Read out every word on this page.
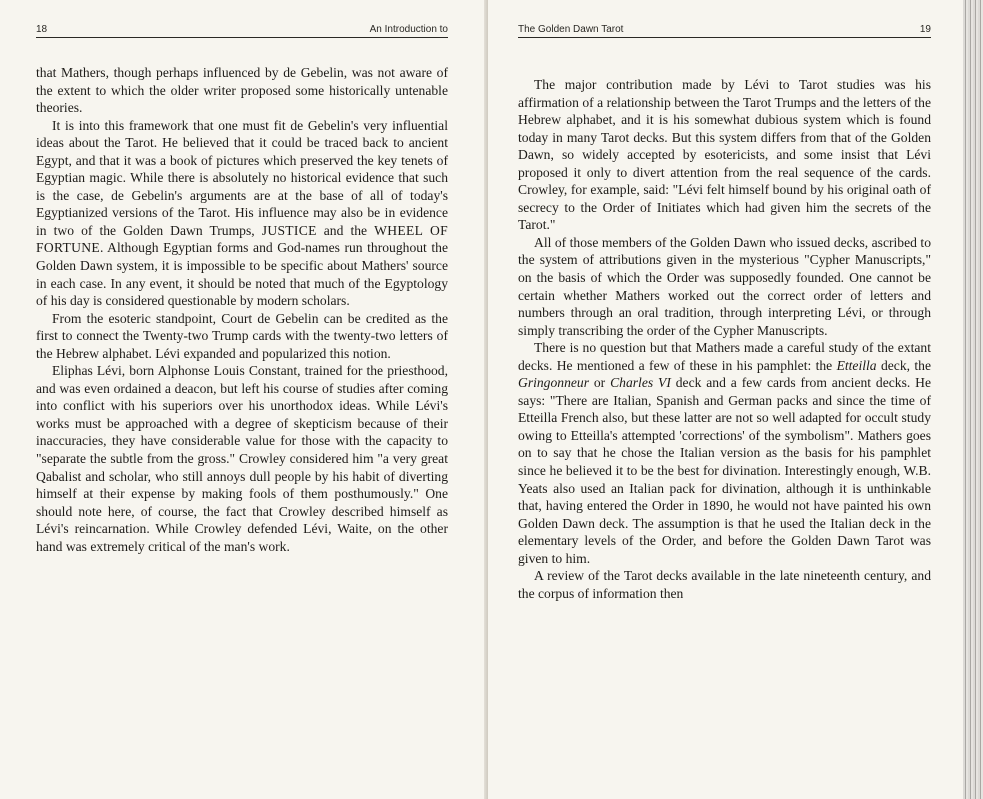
18	An Introduction to

that Mathers, though perhaps influenced by de Gebelin, was not aware of the extent to which the older writer proposed some historically untenable theories.

It is into this framework that one must fit de Gebelin's very influential ideas about the Tarot. He believed that it could be traced back to ancient Egypt, and that it was a book of pictures which preserved the key tenets of Egyptian magic. While there is absolutely no historical evidence that such is the case, de Gebelin's arguments are at the base of all of today's Egyptianized versions of the Tarot. His influence may also be in evidence in two of the Golden Dawn Trumps, JUSTICE and the WHEEL OF FORTUNE. Although Egyptian forms and God-names run throughout the Golden Dawn system, it is impossible to be specific about Mathers' source in each case. In any event, it should be noted that much of the Egyptology of his day is considered questionable by modern scholars.

From the esoteric standpoint, Court de Gebelin can be credited as the first to connect the Twenty-two Trump cards with the twenty-two letters of the Hebrew alphabet. Lévi expanded and popularized this notion.

Eliphas Lévi, born Alphonse Louis Constant, trained for the priesthood, and was even ordained a deacon, but left his course of studies after coming into conflict with his superiors over his unorthodox ideas. While Lévi's works must be approached with a degree of skepticism because of their inaccuracies, they have considerable value for those with the capacity to "separate the subtle from the gross." Crowley considered him "a very great Qabalist and scholar, who still annoys dull people by his habit of diverting himself at their expense by making fools of them posthumously." One should note here, of course, the fact that Crowley described himself as Lévi's reincarnation. While Crowley defended Lévi, Waite, on the other hand was extremely critical of the man's work.

The Golden Dawn Tarot	19

The major contribution made by Lévi to Tarot studies was his affirmation of a relationship between the Tarot Trumps and the letters of the Hebrew alphabet, and it is his somewhat dubious system which is found today in many Tarot decks. But this system differs from that of the Golden Dawn, so widely accepted by esotericists, and some insist that Lévi proposed it only to divert attention from the real sequence of the cards. Crowley, for example, said: "Lévi felt himself bound by his original oath of secrecy to the Order of Initiates which had given him the secrets of the Tarot."

All of those members of the Golden Dawn who issued decks, ascribed to the system of attributions given in the mysterious "Cypher Manuscripts," on the basis of which the Order was supposedly founded. One cannot be certain whether Mathers worked out the correct order of letters and numbers through an oral tradition, through interpreting Lévi, or through simply transcribing the order of the Cypher Manuscripts.

There is no question but that Mathers made a careful study of the extant decks. He mentioned a few of these in his pamphlet: the Etteilla deck, the Gringonneur or Charles VI deck and a few cards from ancient decks. He says: "There are Italian, Spanish and German packs and since the time of Etteilla French also, but these latter are not so well adapted for occult study owing to Etteilla's attempted 'corrections' of the symbolism". Mathers goes on to say that he chose the Italian version as the basis for his pamphlet since he believed it to be the best for divination. Interestingly enough, W.B. Yeats also used an Italian pack for divination, although it is unthinkable that, having entered the Order in 1890, he would not have painted his own Golden Dawn deck. The assumption is that he used the Italian deck in the elementary levels of the Order, and before the Golden Dawn Tarot was given to him.

A review of the Tarot decks available in the late nineteenth century, and the corpus of information then
